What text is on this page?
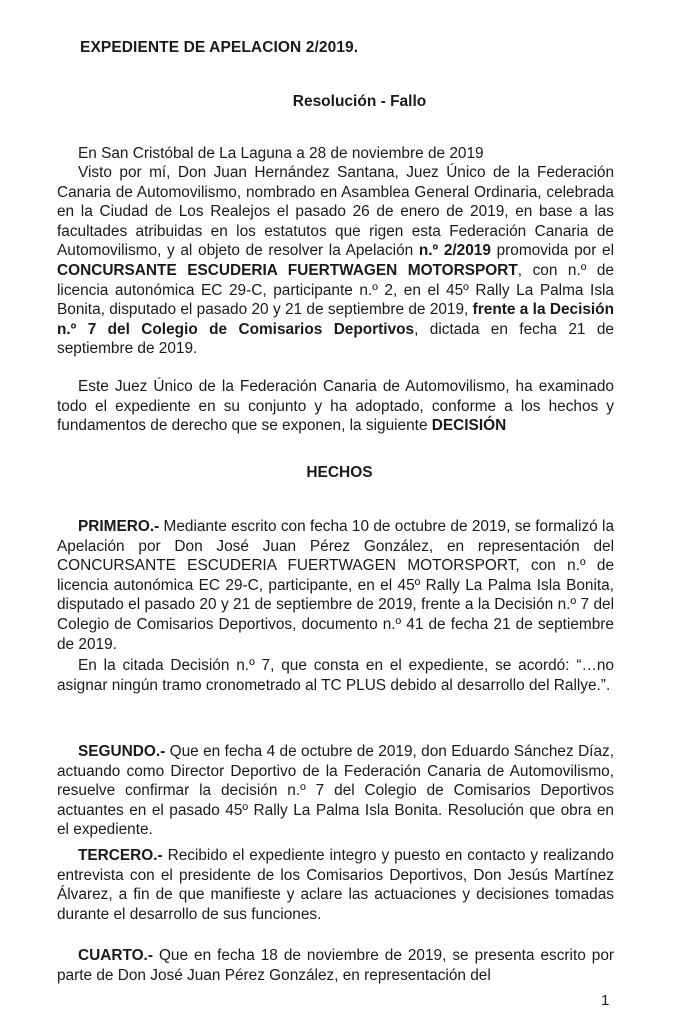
EXPEDIENTE DE APELACION 2/2019.
Resolución - Fallo

En San Cristóbal de La Laguna a 28 de noviembre de 2019

Visto por mí, Don Juan Hernández Santana, Juez Único de la Federación Canaria de Automovilismo, nombrado en Asamblea General Ordinaria, celebrada en la Ciudad de Los Realejos el pasado 26 de enero de 2019, en base a las facultades atribuidas en los estatutos que rigen esta Federación Canaria de Automovilismo, y al objeto de resolver la Apelación n.º 2/2019 promovida por el CONCURSANTE ESCUDERIA FUERTWAGEN MOTORSPORT, con n.º de licencia autonómica EC 29-C, participante n.º 2, en el 45º Rally La Palma Isla Bonita, disputado el pasado 20 y 21 de septiembre de 2019, frente a la Decisión n.º 7 del Colegio de Comisarios Deportivos, dictada en fecha 21 de septiembre de 2019.

Este Juez Único de la Federación Canaria de Automovilismo, ha examinado todo el expediente en su conjunto y ha adoptado, conforme a los hechos y fundamentos de derecho que se exponen, la siguiente DECISIÓN

HECHOS

PRIMERO.- Mediante escrito con fecha 10 de octubre de 2019, se formalizó la Apelación por Don José Juan Pérez González, en representación del CONCURSANTE ESCUDERIA FUERTWAGEN MOTORSPORT, con n.º de licencia autonómica EC 29-C, participante, en el 45º Rally La Palma Isla Bonita, disputado el pasado 20 y 21 de septiembre de 2019, frente a la Decisión n.º 7 del Colegio de Comisarios Deportivos, documento n.º 41 de fecha 21 de septiembre de 2019.

En la citada Decisión n.º 7, que consta en el expediente, se acordó: “…no asignar ningún tramo cronometrado al TC PLUS debido al desarrollo del Rallye.”.

SEGUNDO.- Que en fecha 4 de octubre de 2019, don Eduardo Sánchez Díaz, actuando como Director Deportivo de la Federación Canaria de Automovilismo, resuelve confirmar la decisión n.º 7 del Colegio de Comisarios Deportivos actuantes en el pasado 45º Rally La Palma Isla Bonita. Resolución que obra en el expediente.

TERCERO.- Recibido el expediente integro y puesto en contacto y realizando entrevista con el presidente de los Comisarios Deportivos, Don Jesús Martínez Álvarez, a fin de que manifieste y aclare las actuaciones y decisiones tomadas durante el desarrollo de sus funciones.

CUARTO.- Que en fecha 18 de noviembre de 2019, se presenta escrito por parte de Don José Juan Pérez González, en representación del

1
